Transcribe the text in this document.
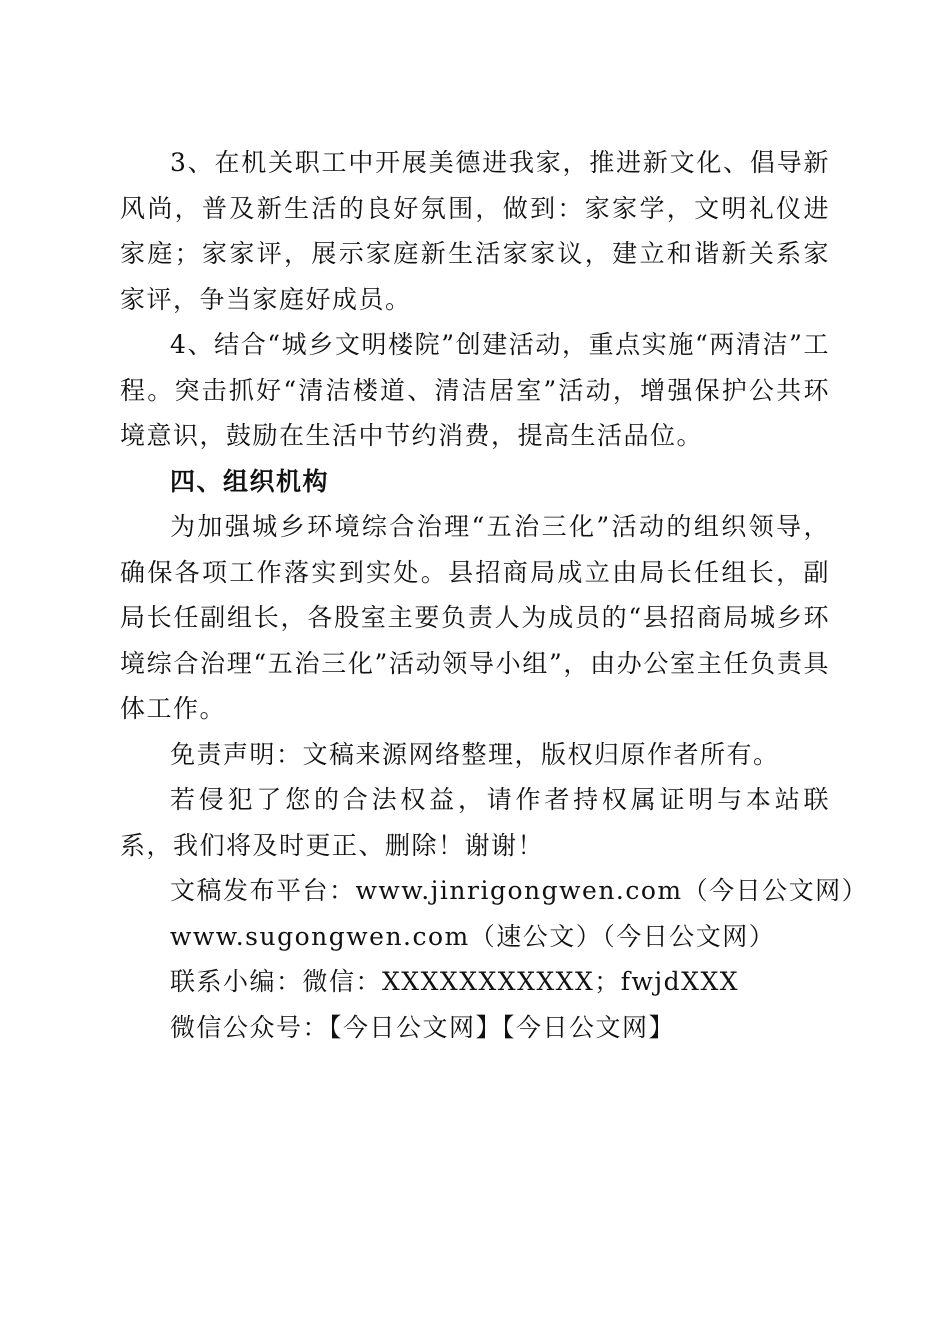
3、在机关职工中开展美德进我家，推进新文化、倡导新风尚，普及新生活的良好氛围，做到：家家学，文明礼仪进家庭；家家评，展示家庭新生活家家议，建立和谐新关系家家评，争当家庭好成员。

4、结合“城乡文明楼院”创建活动，重点实施“两清洁”工程。突击抓好“清洁楼道、清洁居室”活动，增强保护公共环境意识，鼓励在生活中节约消费，提高生活品位。

四、组织机构

为加强城乡环境综合治理“五治三化”活动的组织领导，确保各项工作落实到实处。县招商局成立由局长任组长，副局长任副组长，各股室主要负责人为成员的“县招商局城乡环境综合治理“五治三化”活动领导小组”，由办公室主任负责具体工作。

免责声明：文稿来源网络整理，版权归原作者所有。

若侵犯了您的合法权益，请作者持权属证明与本站联系，我们将及时更正、删除！谢谢！

文稿发布平台：www.jinrigongwen.com（今日公文网）

www.sugongwen.com（速公文）（今日公文网）

联系小编：微信：XXXXXXXXXXX；fwjdXXX

微信公众号：【今日公文网】【今日公文网】
